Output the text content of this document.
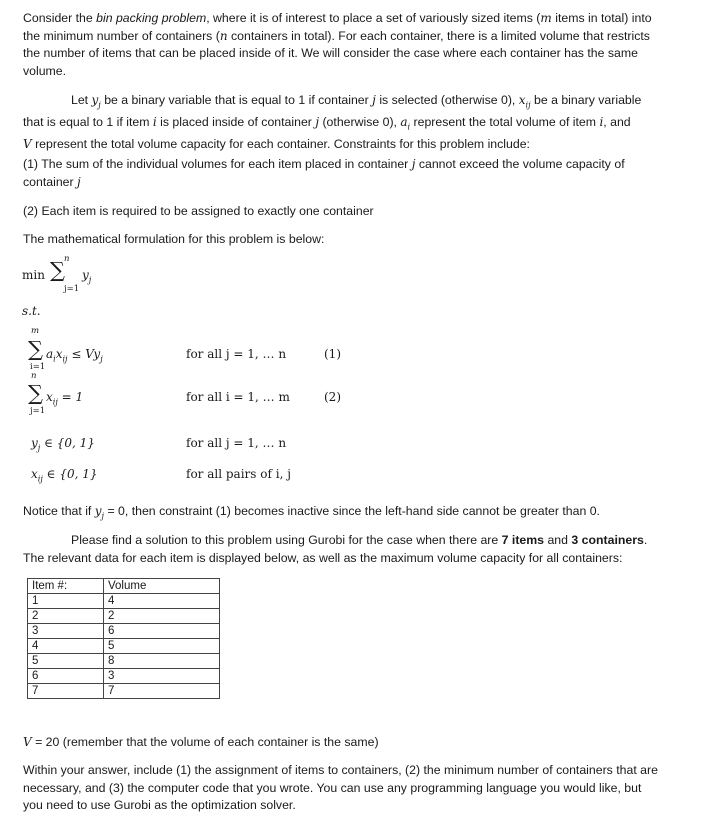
Consider the bin packing problem, where it is of interest to place a set of variously sized items (m items in total) into the minimum number of containers (n containers in total). For each container, there is a limited volume that restricts the number of items that can be placed inside of it. We will consider the case where each container has the same volume.

Let $y_j$ be a binary variable that is equal to 1 if container j is selected (otherwise 0), $x_{ij}$ be a binary variable that is equal to 1 if item i is placed inside of container j (otherwise 0), $a_i$ represent the total volume of item i, and
V represent the total volume capacity for each container. Constraints for this problem include:

(1) The sum of the individual volumes for each item placed in container j cannot exceed the volume capacity of container j

(2) Each item is required to be assigned to exactly one container

The mathematical formulation for this problem is below:

min ∑ n
j=1
$y_j$
s.t.
m
∑
i=1
$a_ix_{ij} \le Vy_j$	for all j = 1, … n	(1)
n
∑
j=1
$x_{ij} = 1$	for all i = 1, … m	(2)
$y_j$ ∈ {0, 1}	for all j = 1, … n
$x_{ij}$ ∈ {0, 1}	for all pairs of i, j

Notice that if $y_j = 0$, then constraint (1) becomes inactive since the left-hand side cannot be greater than 0.

Please find a solution to this problem using Gurobi for the case when there are 7 items and 3 containers. The relevant data for each item is displayed below, as well as the maximum volume capacity for all containers:

Item #:	Volume
1	4
2	2
3	6
4	5
5	8
6	3
7	7

V = 20 (remember that the volume of each container is the same)

Within your answer, include (1) the assignment of items to containers, (2) the minimum number of containers that are necessary, and (3) the computer code that you wrote. You can use any programming language you would like, but you need to use Gurobi as the optimization solver.
